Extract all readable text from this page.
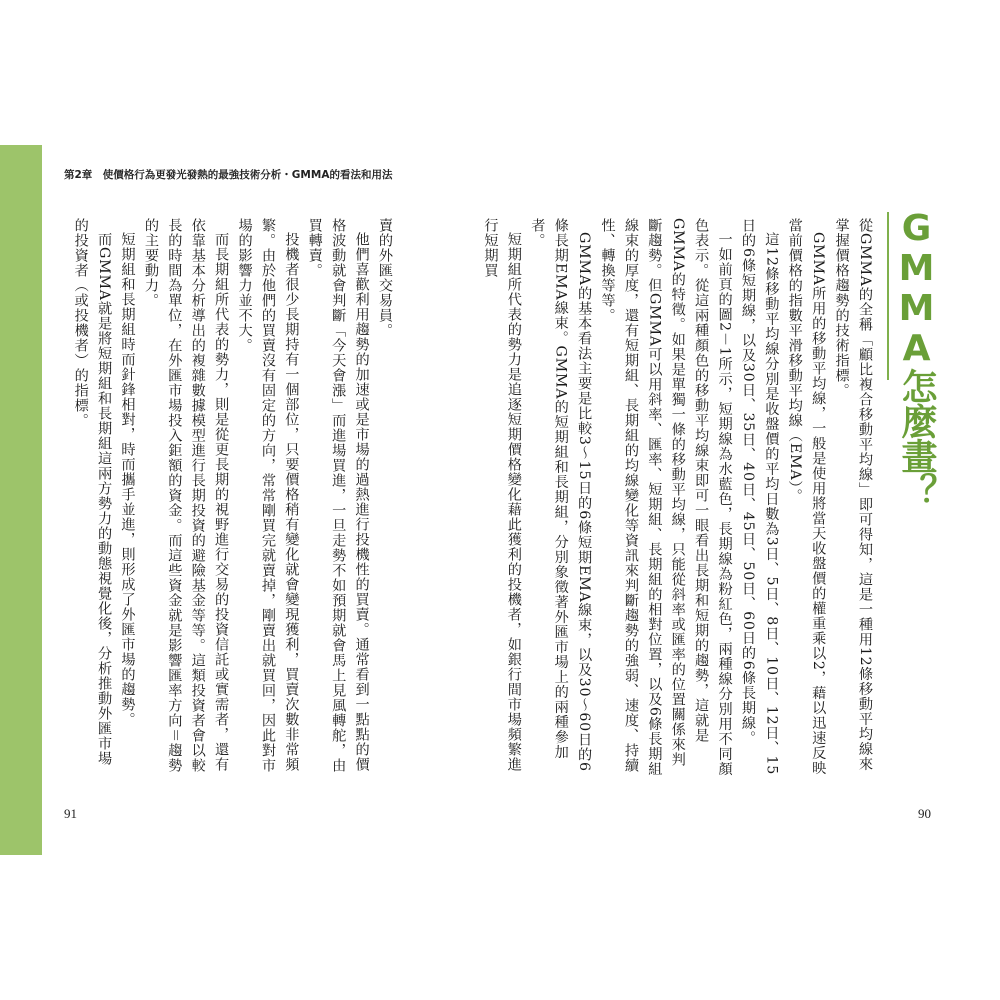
第2章　使價格行為更發光發熱的最強技術分析・GMMA的看法和用法
91	90
GMMA怎麼畫？

從GMMA的全稱「顧比複合移動平均線」即可得知，這是一種用12條移動平均線來掌握價格趨勢的技術指標。

GMMA所用的移動平均線，一般是使用將當天收盤價的權重乘以2，藉以迅速反映當前價格的指數平滑移動平均線（EMA）。

這12條移動平均線分別是收盤價的平均日數為3日、5日、8日、10日、12日、15日的6條短期線，以及30日、35日、40日、45日、50日、60日的6條長期線。

一如前頁的圖2－1所示，短期線為水藍色，長期線為粉紅色，兩種線分別用不同顏色表示。從這兩種顏色的移動平均線束即可一眼看出長期和短期的趨勢，這就是GMMA的特徵。如果是單獨一條的移動平均線，只能從斜率或匯率的位置關係來判斷趨勢。但GMMA可以用斜率、匯率、短期組、長期組的相對位置，以及6條長期組線束的厚度，還有短期組、長期組的均線變化等資訊來判斷趨勢的強弱、速度、持續性、轉換等等。

GMMA的基本看法主要是比較3～15日的6條短期EMA線束，以及30～60日的6條長期EMA線束。GMMA的短期組和長期組，分別象徵著外匯市場上的兩種參加者。

短期組所代表的勢力是追逐短期價格變化藉此獲利的投機者，如銀行間市場頻繁進行短期買

賣的外匯交易員。

他們喜歡利用趨勢的加速或是市場的過熱進行投機性的買賣。通常看到一點點的價格波動就會判斷「今天會漲」而進場買進，一旦走勢不如預期就會馬上見風轉舵，由買轉賣。

投機者很少長期持有一個部位，只要價格稍有變化就會變現獲利，買賣次數非常頻繁。由於他們的買賣沒有固定的方向，常常剛買完就賣掉，剛賣出就買回，因此對市場的影響力並不大。

而長期組所代表的勢力，則是從更長期的視野進行交易的投資信託或實需者，還有依靠基本分析導出的複雜數據模型進行長期投資的避險基金等等。這類投資者會以較長的時間為單位，在外匯市場投入鉅額的資金。而這些資金就是影響匯率方向＝趨勢的主要動力。

短期組和長期組時而針鋒相對，時而攜手並進，則形成了外匯市場的趨勢。

而GMMA就是將短期組和長期組這兩方勢力的動態視覺化後，分析推動外匯市場的投資者（或投機者）的指標。
